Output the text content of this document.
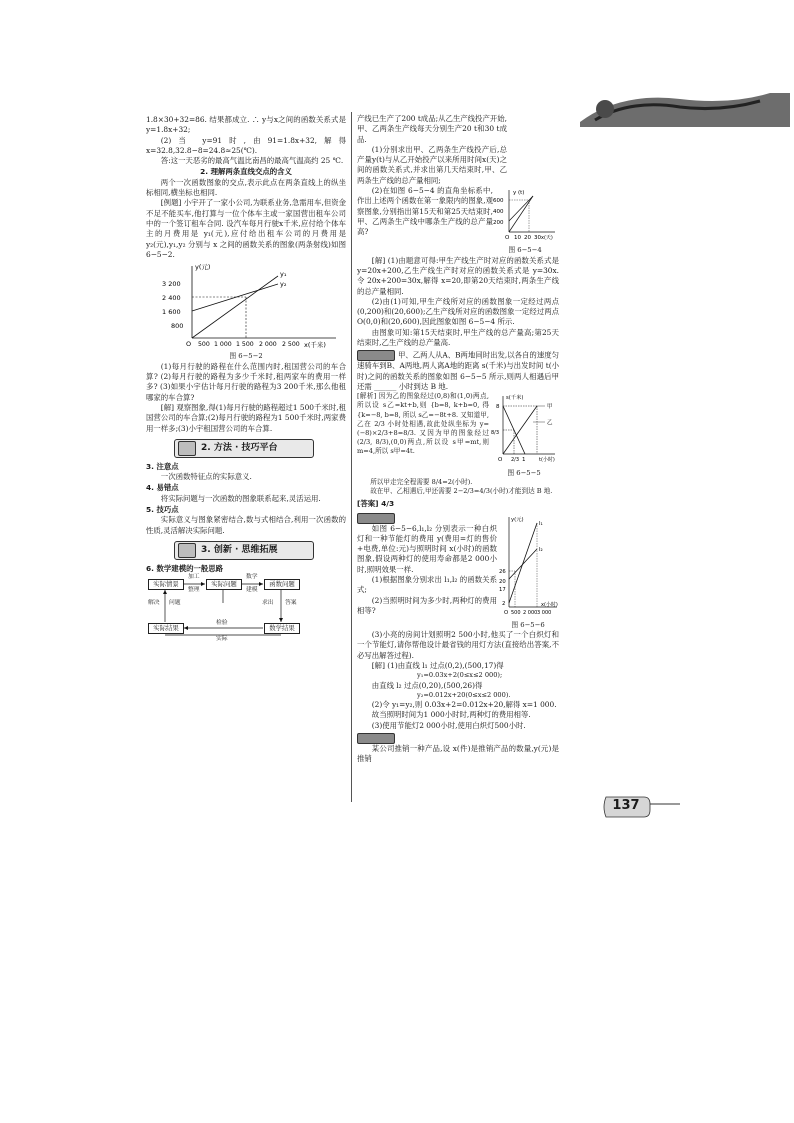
1.8×30+32=86. 结果都成立. ∴ y与x之间的函数关系式是 y=1.8x+32;

(2)当 y=91时,由91=1.8x+32,解得 x=32.8,32.8−8=24.8≈25(℃).

答:这一天恶劣的最高气温比南昌的最高气温高约 25 ℃.

2. 理解两条直线交点的含义

两个一次函数图象的交点,表示此点在两条直线上的纵坐标相同,横坐标也相同.

[例题] 小宇开了一家小公司,为联系业务,急需用车,但资金不足不能买车,他打算与一位个体车主或一家国营出租车公司中的一个签订租车合同. 设汽车每月行驶x千米,应付给个体车主的月费用是 y₁(元),应付给出租车公司的月费用是 y₂(元),y₁,y₂ 分别与 x 之间的函数关系的图象(两条射线)如图 6−5−2.

y(元)
x(千米)
O
3 200
2 400
1 600
800
500 1 000 1 500 2 000 2 500
y₁
y₂

图 6−5−2

(1)每月行驶的路程在什么范围内时,租国营公司的车合算? (2)每月行驶的路程为多少千米时,租两家车的费用一样多? (3)如果小宇估计每月行驶的路程为3 200千米,那么他租哪家的车合算?

[解] 观察图象,得(1)每月行驶的路程超过1 500千米时,租国营公司的车合算;(2)每月行驶的路程为1 500千米时,两家费用一样多;(3)小宇租国营公司的车合算.

2. 方法 · 技巧平台

3. 注意点

一次函数特征点的实际意义.

4. 易错点

将实际问题与一次函数的图象联系起来,灵活运用.

5. 技巧点

实际意义与图象紧密结合,数与式相结合,利用一次函数的性质,灵活解决实际问题.

3. 创新 · 思维拓展

6. 数学建模的一般思路

实际情景	实际问题	函数问题
实际结果	数学结果
加工
整理
数学
建模
解决 问题	求出 答案
检验
实际

产线已生产了200 t成品;从乙生产线投产开始,甲、乙两条生产线每天分别生产20 t和30 t成品.

(1)分别求出甲、乙两条生产线投产后,总产量y(t)与从乙开始投产以来所用时间x(天)之间的函数关系式,并求出第几天结束时,甲、乙两条生产线的总产量相同;

(2)在如图 6−5−4 的直角坐标系中,作出上述两个函数在第一象限内的图象,观察图象,分别指出第15天和第25天结束时,甲、乙两条生产线中哪条生产线的总产量高?

y (t)
600
400
200
O 10 20 30 x(天)

图 6−5−4

[解] (1)由题意可得:甲生产线生产时对应的函数关系式是 y=20x+200,乙生产线生产时对应的函数关系式是 y=30x. 令 20x+200=30x,解得 x=20,即第20天结束时,两条生产线的总产量相同.

(2)由(1)可知,甲生产线所对应的函数图象一定经过两点(0,200)和(20,600);乙生产线所对应的函数图象一定经过两点 O(0,0)和(20,600),因此图象如图 6−5−4 所示.

由图象可知:第15天结束时,甲生产线的总产量高;第25天结束时,乙生产线的总产量高.

甲、乙两人从A、B两地同时出发,以各自的速度匀速骑车到B、A两地,两人离A地的距离 s(千米)与出发时间 t(小时)之间的函数关系的图象如图 6−5−5 所示,则两人相遇后甲还需 ______ 小时到达 B 地.

[解析] 因为乙的图象经过(0,8)和(1,0)两点,所以设 s乙=kt+b,则 {b=8, k+b=0, 得 {k=−8, b=8, 所以 s乙=−8t+8. 又知道甲,乙在 2/3 小时处相遇,故此处纵坐标为 y=(−8)×2/3+8=8/3. 又因为甲的图象经过(2/3, 8/3),(0,0)两点,所以设 s甲=mt,则 m=4,所以 s甲=4t.

s(千米)
8
8/3
O 2/3 1	t(小时)
甲
乙

图 6−5−5

所以甲走完全程需要 8/4=2(小时).

故在甲、乙相遇后,甲还需要 2−2/3=4/3(小时)才能到达 B 地.

[答案] 4/3

如图 6−5−6,l₁,l₂ 分别表示一种白炽灯和一种节能灯的费用 y(费用=灯的售价+电费,单位:元)与照明时间 x(小时)的函数图象,假设两种灯的使用寿命都是2 000小时,照明效果一样.

(1)根据图象分别求出 l₁,l₂ 的函数关系式;

(2)当照明时间为多少时,两种灯的费用相等?

y(元)
26
20
17
2
O 500 2 000 3 000
x(小时)
l₁
l₂

图 6−5−6

(3)小亮的房间计划照明2 500小时,他买了一个白炽灯和一个节能灯,请你帮他设计最省钱的用灯方法(直接给出答案,不必写出解答过程).

[解] (1)由直线 l₁ 过点(0,2),(500,17)得

y₁=0.03x+2(0≤x≤2 000);

由直线 l₂ 过点(0,20),(500,26)得

y₂=0.012x+20(0≤x≤2 000).

(2)令 y₁=y₂,则 0.03x+2=0.012x+20,解得 x=1 000.

故当照明时间为1 000小时时,两种灯的费用相等.

(3)使用节能灯2 000小时,使用白炽灯500小时.

某公司推销一种产品,设 x(件)是推销产品的数量,y(元)是推销

137
